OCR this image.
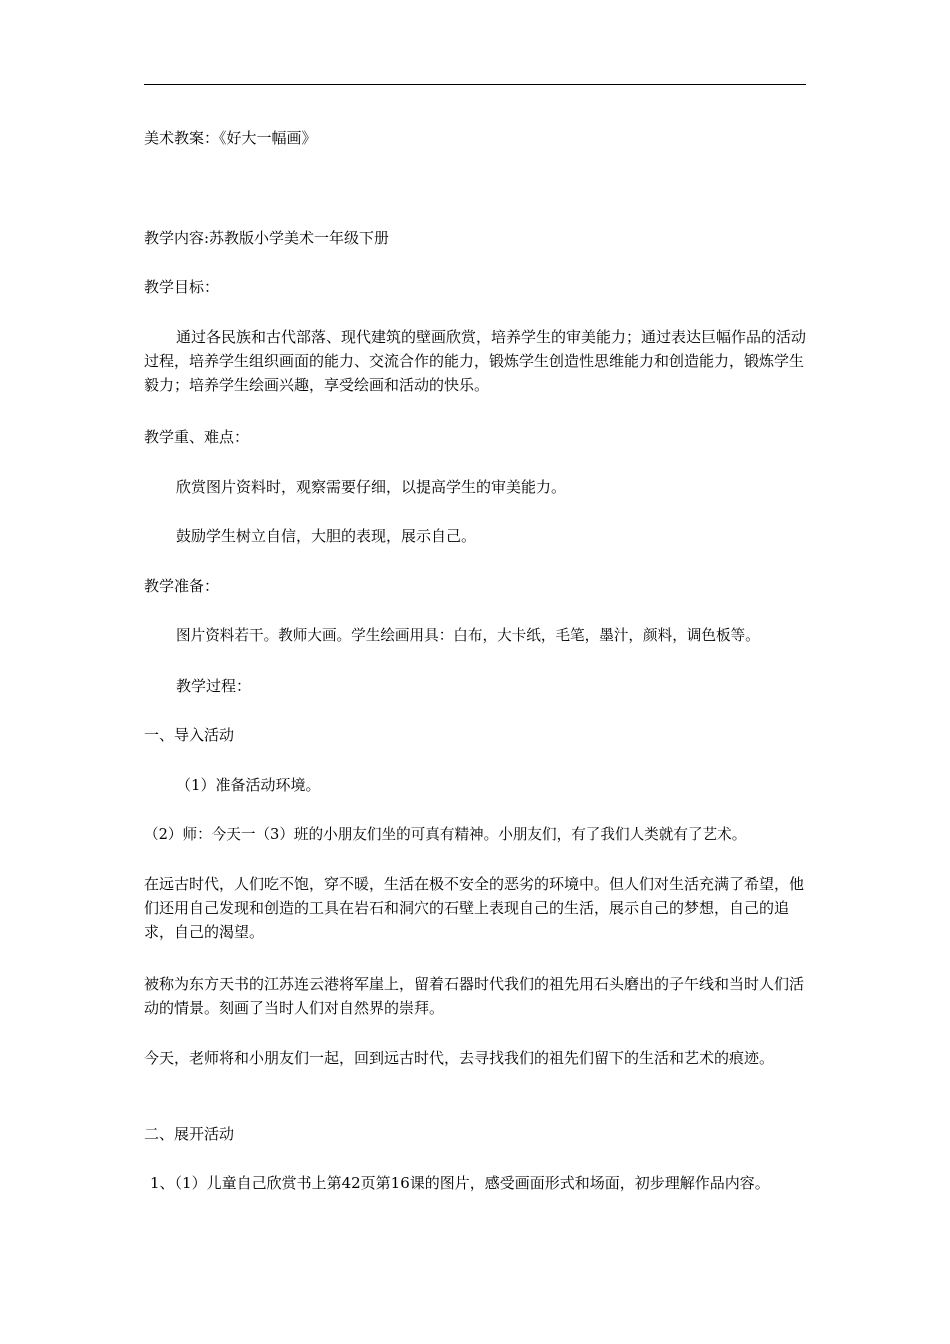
美术教案：《好大一幅画》

教学内容:苏教版小学美术一年级下册

教学目标：

通过各民族和古代部落、现代建筑的壁画欣赏，培养学生的审美能力；通过表达巨幅作品的活动过程，培养学生组织画面的能力、交流合作的能力，锻炼学生创造性思维能力和创造能力，锻炼学生毅力；培养学生绘画兴趣，享受绘画和活动的快乐。

教学重、难点：

欣赏图片资料时，观察需要仔细，以提高学生的审美能力。

鼓励学生树立自信，大胆的表现，展示自己。

教学准备：

图片资料若干。教师大画。学生绘画用具：白布，大卡纸，毛笔，墨汁，颜料，调色板等。

教学过程：

一、导入活动

（1）准备活动环境。

（2）师：今天一（3）班的小朋友们坐的可真有精神。小朋友们，有了我们人类就有了艺术。

在远古时代，人们吃不饱，穿不暖，生活在极不安全的恶劣的环境中。但人们对生活充满了希望，他们还用自己发现和创造的工具在岩石和洞穴的石壁上表现自己的生活，展示自己的梦想，自己的追求，自己的渴望。

被称为东方天书的江苏连云港将军崖上，留着石器时代我们的祖先用石头磨出的子午线和当时人们活动的情景。刻画了当时人们对自然界的崇拜。

今天，老师将和小朋友们一起，回到远古时代，去寻找我们的祖先们留下的生活和艺术的痕迹。

二、展开活动

1、（1）儿童自己欣赏书上第42页第16课的图片，感受画面形式和场面，初步理解作品内容。
